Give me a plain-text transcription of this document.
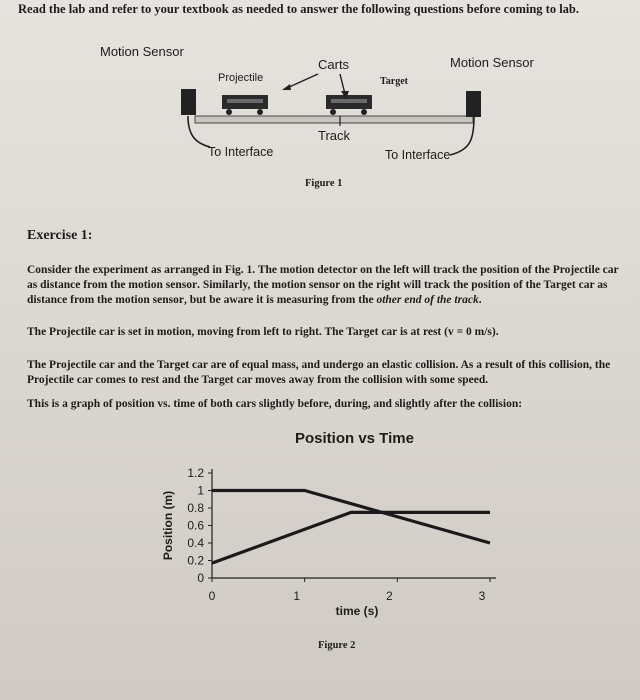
Read the lab and refer to your textbook as needed to answer the following questions before coming to lab.
Motion Sensor
Motion Sensor
Carts
Projectile	Target
Track
To Interface	To Interface
Figure 1
Exercise 1:
Consider the experiment as arranged in Fig. 1. The motion detector on the left will track the position of the Projectile car as distance from the motion sensor. Similarly, the motion sensor on the right will track the position of the Target car as distance from the motion sensor, but be aware it is measuring from the other end of the track.
The Projectile car is set in motion, moving from left to right. The Target car is at rest (v = 0 m/s).
The Projectile car and the Target car are of equal mass, and undergo an elastic collision. As a result of this collision, the Projectile car comes to rest and the Target car moves away from the collision with some speed.
This is a graph of position vs. time of both cars slightly before, during, and slightly after the collision:
Position vs Time
0
0.2
0.4
0.6
0.8
1
1.2
0	1	2	3
time (s)
Position (m)
Figure 2
